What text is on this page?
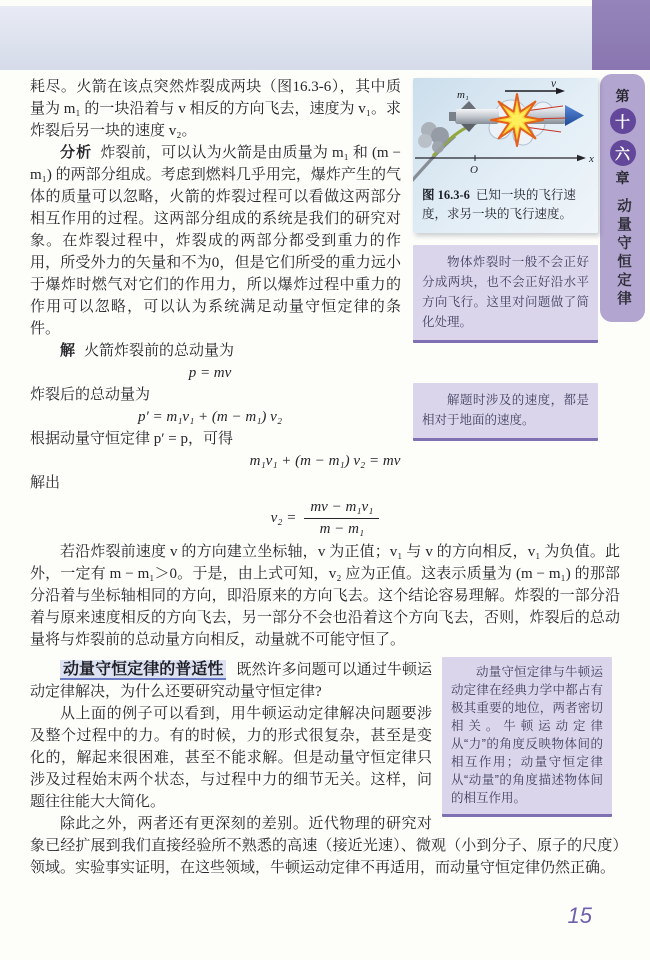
第
十
六
章
动量守恒定律
x
O
v
m₁
图 16.3-6 已知一块的飞行速度，求另一块的飞行速度。
物体炸裂时一般不会正好分成两块，也不会正好沿水平方向飞行。这里对问题做了简化处理。
解题时涉及的速度，都是相对于地面的速度。

耗尽。火箭在该点突然炸裂成两块（图16.3-6），其中质量为 m₁ 的一块沿着与 v 相反的方向飞去，速度为 v₁。求炸裂后另一块的速度 v₂。

分析 炸裂前，可以认为火箭是由质量为 m₁ 和 (m − m₁) 的两部分组成。考虑到燃料几乎用完，爆炸产生的气体的质量可以忽略，火箭的炸裂过程可以看做这两部分相互作用的过程。这两部分组成的系统是我们的研究对象。在炸裂过程中，炸裂成的两部分都受到重力的作用，所受外力的矢量和不为0，但是它们所受的重力远小于爆炸时燃气对它们的作用力，所以爆炸过程中重力的作用可以忽略，可以认为系统满足动量守恒定律的条件。

解 火箭炸裂前的总动量为

p = mv

炸裂后的总动量为

p′ = m₁v₁ + (m − m₁) v₂

根据动量守恒定律 p′ = p，可得

m₁v₁ + (m − m₁) v₂ = mv

解出

$v_2 = \frac{\text{mv − m₁v₁}}{\text{m − m₁}}$

若沿炸裂前速度 v 的方向建立坐标轴，v 为正值；v₁ 与 v 的方向相反，v₁ 为负值。此外，一定有 m − m₁＞0。于是，由上式可知，v₂ 应为正值。这表示质量为 (m − m₁) 的那部分沿着与坐标轴相同的方向，即沿原来的方向飞去。这个结论容易理解。炸裂的一部分沿着与原来速度相反的方向飞去，另一部分不会也沿着这个方向飞去，否则，炸裂后的总动量将与炸裂前的总动量方向相反，动量就不可能守恒了。

动量守恒定律与牛顿运动定律在经典力学中都占有极其重要的地位，两者密切相关。牛顿运动定律从“力”的角度反映物体间的相互作用；动量守恒定律从“动量”的角度描述物体间的相互作用。

动量守恒定律的普适性 既然许多问题可以通过牛顿运动定律解决，为什么还要研究动量守恒定律?

从上面的例子可以看到，用牛顿运动定律解决问题要涉及整个过程中的力。有的时候，力的形式很复杂，甚至是变化的，解起来很困难，甚至不能求解。但是动量守恒定律只涉及过程始末两个状态，与过程中力的细节无关。这样，问题往往能大大简化。

除此之外，两者还有更深刻的差别。近代物理的研究对象已经扩展到我们直接经验所不熟悉的高速（接近光速）、微观（小到分子、原子的尺度）领域。实验事实证明，在这些领域，牛顿运动定律不再适用，而动量守恒定律仍然正确。

15
